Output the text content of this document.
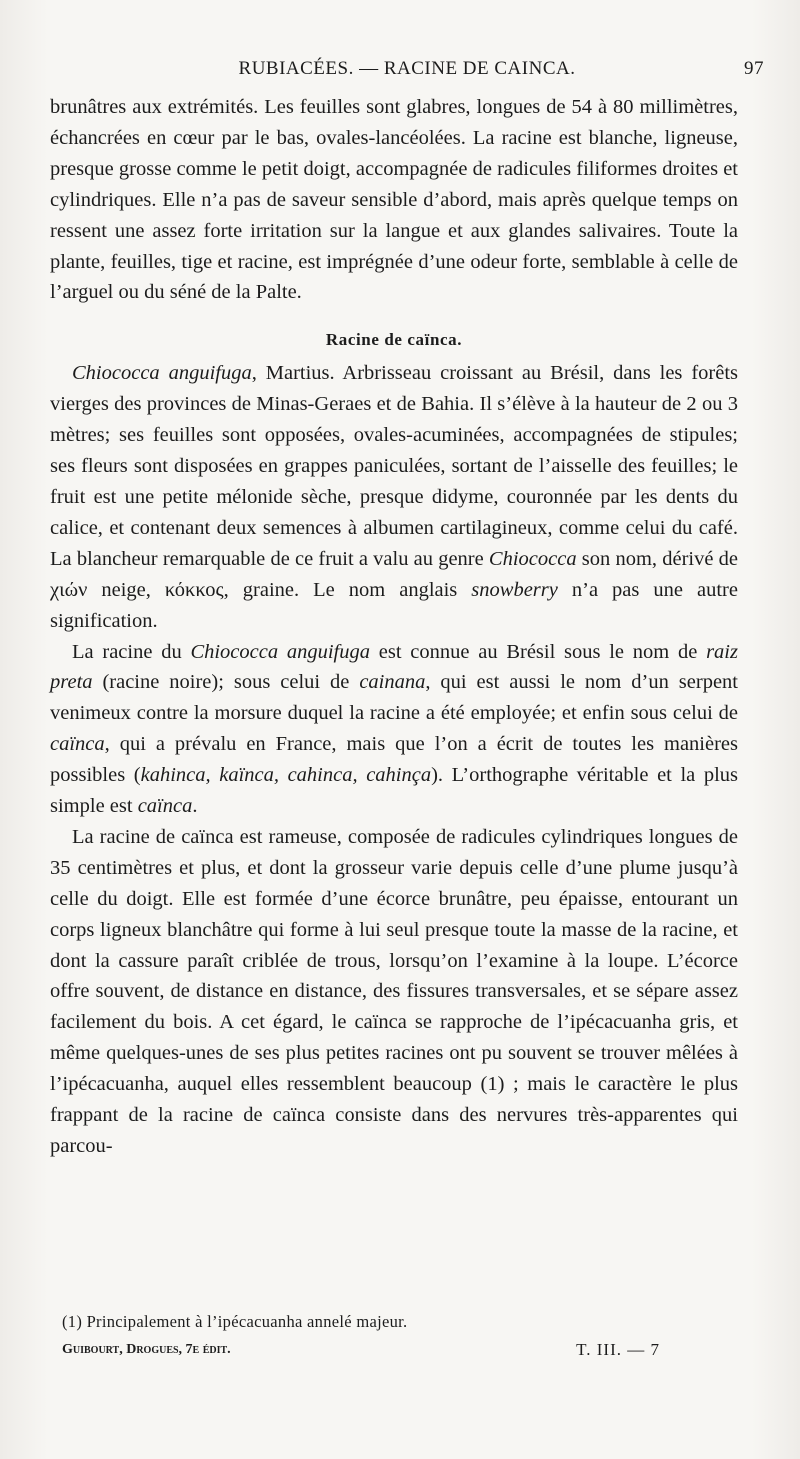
RUBIACÉES. — RACINE DE CAINCA.	97

brunâtres aux extrémités. Les feuilles sont glabres, longues de 54 à 80 millimètres, échancrées en cœur par le bas, ovales-lancéolées. La racine est blanche, ligneuse, presque grosse comme le petit doigt, accompagnée de radicules filiformes droites et cylindriques. Elle n’a pas de saveur sensible d’abord, mais après quelque temps on ressent une assez forte irritation sur la langue et aux glandes salivaires. Toute la plante, feuilles, tige et racine, est imprégnée d’une odeur forte, semblable à celle de l’arguel ou du séné de la Palte.

Racine de caïnca.

Chiococca anguifuga, Martius. Arbrisseau croissant au Brésil, dans les forêts vierges des provinces de Minas-Geraes et de Bahia. Il s’élève à la hauteur de 2 ou 3 mètres; ses feuilles sont opposées, ovales-acuminées, accompagnées de stipules; ses fleurs sont disposées en grappes paniculées, sortant de l’aisselle des feuilles; le fruit est une petite mélonide sèche, presque didyme, couronnée par les dents du calice, et contenant deux semences à albumen cartilagineux, comme celui du café. La blancheur remarquable de ce fruit a valu au genre Chiococca son nom, dérivé de χιών neige, κόκκος, graine. Le nom anglais snowberry n’a pas une autre signification.

La racine du Chiococca anguifuga est connue au Brésil sous le nom de raiz preta (racine noire); sous celui de cainana, qui est aussi le nom d’un serpent venimeux contre la morsure duquel la racine a été employée; et enfin sous celui de caïnca, qui a prévalu en France, mais que l’on a écrit de toutes les manières possibles (kahinca, kaïnca, cahinca, cahinça). L’orthographe véritable et la plus simple est caïnca.

La racine de caïnca est rameuse, composée de radicules cylindriques longues de 35 centimètres et plus, et dont la grosseur varie depuis celle d’une plume jusqu’à celle du doigt. Elle est formée d’une écorce brunâtre, peu épaisse, entourant un corps ligneux blanchâtre qui forme à lui seul presque toute la masse de la racine, et dont la cassure paraît criblée de trous, lorsqu’on l’examine à la loupe. L’écorce offre souvent, de distance en distance, des fissures transversales, et se sépare assez facilement du bois. A cet égard, le caïnca se rapproche de l’ipécacuanha gris, et même quelques-unes de ses plus petites racines ont pu souvent se trouver mêlées à l’ipécacuanha, auquel elles ressemblent beaucoup (1) ; mais le caractère le plus frappant de la racine de caïnca consiste dans des nervures très-apparentes qui parcou-

(1) Principalement à l’ipécacuanha annelé majeur.
Guibourt, Drogues, 7e édit.	T. III. — 7
